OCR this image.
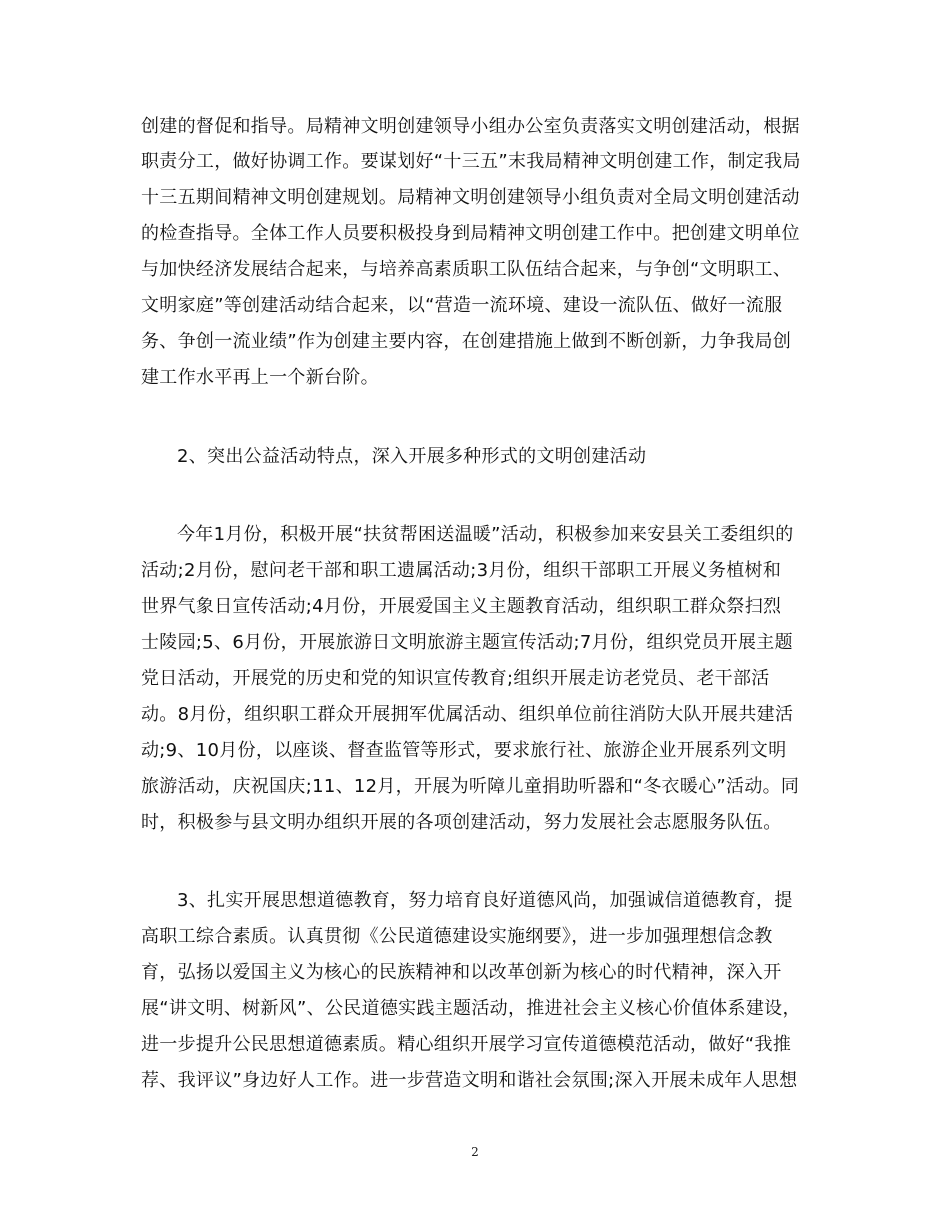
创建的督促和指导。局精神文明创建领导小组办公室负责落实文明创建活动，根据
职责分工，做好协调工作。要谋划好“十三五”末我局精神文明创建工作，制定我局
十三五期间精神文明创建规划。局精神文明创建领导小组负责对全局文明创建活动
的检查指导。全体工作人员要积极投身到局精神文明创建工作中。把创建文明单位
与加快经济发展结合起来，与培养高素质职工队伍结合起来，与争创“文明职工、
文明家庭”等创建活动结合起来，以“营造一流环境、建设一流队伍、做好一流服
务、争创一流业绩”作为创建主要内容，在创建措施上做到不断创新，力争我局创
建工作水平再上一个新台阶。
2、突出公益活动特点，深入开展多种形式的文明创建活动
今年1月份，积极开展“扶贫帮困送温暖”活动，积极参加来安县关工委组织的
活动;2月份，慰问老干部和职工遗属活动;3月份，组织干部职工开展义务植树和
世界气象日宣传活动;4月份，开展爱国主义主题教育活动，组织职工群众祭扫烈
士陵园;5、6月份，开展旅游日文明旅游主题宣传活动;7月份，组织党员开展主题
党日活动，开展党的历史和党的知识宣传教育;组织开展走访老党员、老干部活
动。8月份，组织职工群众开展拥军优属活动、组织单位前往消防大队开展共建活
动;9、10月份，以座谈、督查监管等形式，要求旅行社、旅游企业开展系列文明
旅游活动，庆祝国庆;11、12月，开展为听障儿童捐助听器和“冬衣暖心”活动。同
时，积极参与县文明办组织开展的各项创建活动，努力发展社会志愿服务队伍。
3、扎实开展思想道德教育，努力培育良好道德风尚，加强诚信道德教育，提
高职工综合素质。认真贯彻《公民道德建设实施纲要》，进一步加强理想信念教
育，弘扬以爱国主义为核心的民族精神和以改革创新为核心的时代精神，深入开
展“讲文明、树新风”、公民道德实践主题活动，推进社会主义核心价值体系建设，
进一步提升公民思想道德素质。精心组织开展学习宣传道德模范活动，做好“我推
荐、我评议”身边好人工作。进一步营造文明和谐社会氛围;深入开展未成年人思想
2
